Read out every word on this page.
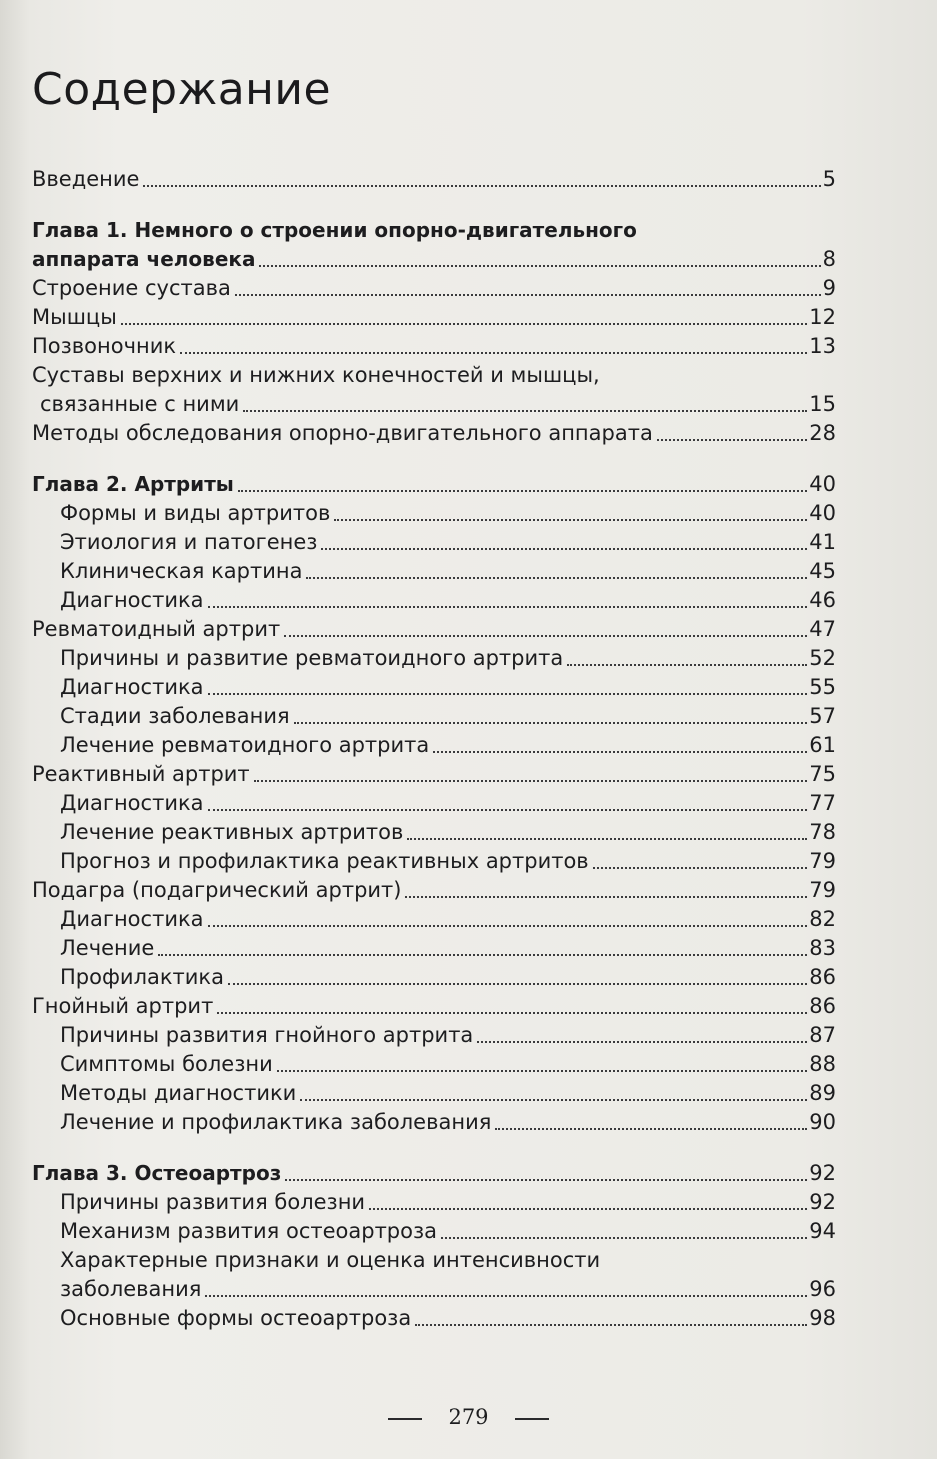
Содержание
Введение	5
Глава 1. Немного о строении опорно-двигательного
аппарата человека	8
Строение сустава	9
Мышцы	12
Позвоночник	13
Суставы верхних и нижних конечностей и мышцы,
связанные с ними	15
Методы обследования опорно-двигательного аппарата	28
Глава 2. Артриты	40
Формы и виды артритов	40
Этиология и патогенез	41
Клиническая картина	45
Диагностика	46
Ревматоидный артрит	47
Причины и развитие ревматоидного артрита	52
Диагностика	55
Стадии заболевания	57
Лечение ревматоидного артрита	61
Реактивный артрит	75
Диагностика	77
Лечение реактивных артритов	78
Прогноз и профилактика реактивных артритов	79
Подагра (подагрический артрит)	79
Диагностика	82
Лечение	83
Профилактика	86
Гнойный артрит	86
Причины развития гнойного артрита	87
Симптомы болезни	88
Методы диагностики	89
Лечение и профилактика заболевания	90
Глава 3. Остеоартроз	92
Причины развития болезни	92
Механизм развития остеоартроза	94
Характерные признаки и оценка интенсивности
заболевания	96
Основные формы остеоартроза	98
279
